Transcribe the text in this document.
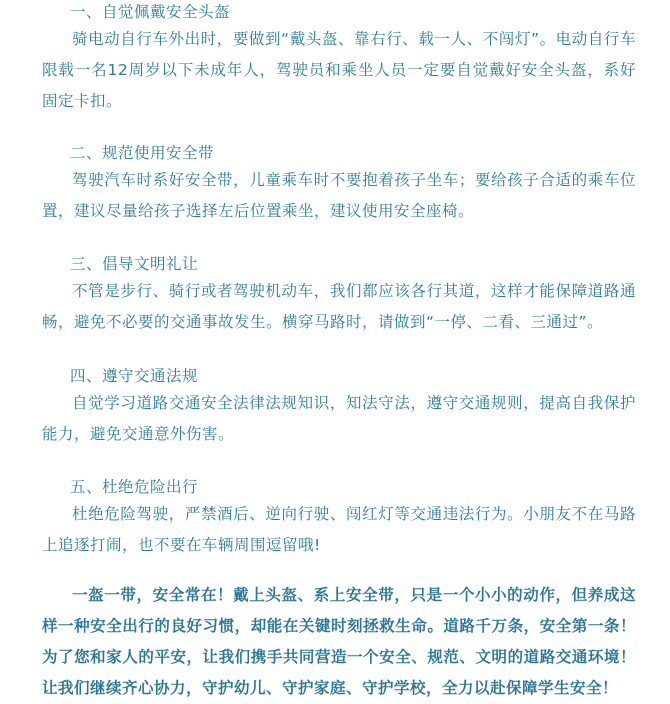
一、自觉佩戴安全头盔

骑电动自行车外出时，要做到“戴头盔、靠右行、载一人、不闯灯”。电动自行车限载一名12周岁以下未成年人，驾驶员和乘坐人员一定要自觉戴好安全头盔，系好固定卡扣。

二、规范使用安全带

驾驶汽车时系好安全带，儿童乘车时不要抱着孩子坐车；要给孩子合适的乘车位置，建议尽量给孩子选择左后位置乘坐，建议使用安全座椅。

三、倡导文明礼让

不管是步行、骑行或者驾驶机动车，我们都应该各行其道，这样才能保障道路通畅，避免不必要的交通事故发生。横穿马路时，请做到“一停、二看、三通过”。

四、遵守交通法规

自觉学习道路交通安全法律法规知识，知法守法，遵守交通规则，提高自我保护能力，避免交通意外伤害。

五、杜绝危险出行

杜绝危险驾驶，严禁酒后、逆向行驶、闯红灯等交通违法行为。小朋友不在马路上追逐打闹，也不要在车辆周围逗留哦!

一盔一带，安全常在！戴上头盔、系上安全带，只是一个小小的动作，但养成这样一种安全出行的良好习惯，却能在关键时刻拯救生命。道路千万条，安全第一条！为了您和家人的平安，让我们携手共同营造一个安全、规范、文明的道路交通环境！让我们继续齐心协力，守护幼儿、守护家庭、守护学校，全力以赴保障学生安全！
